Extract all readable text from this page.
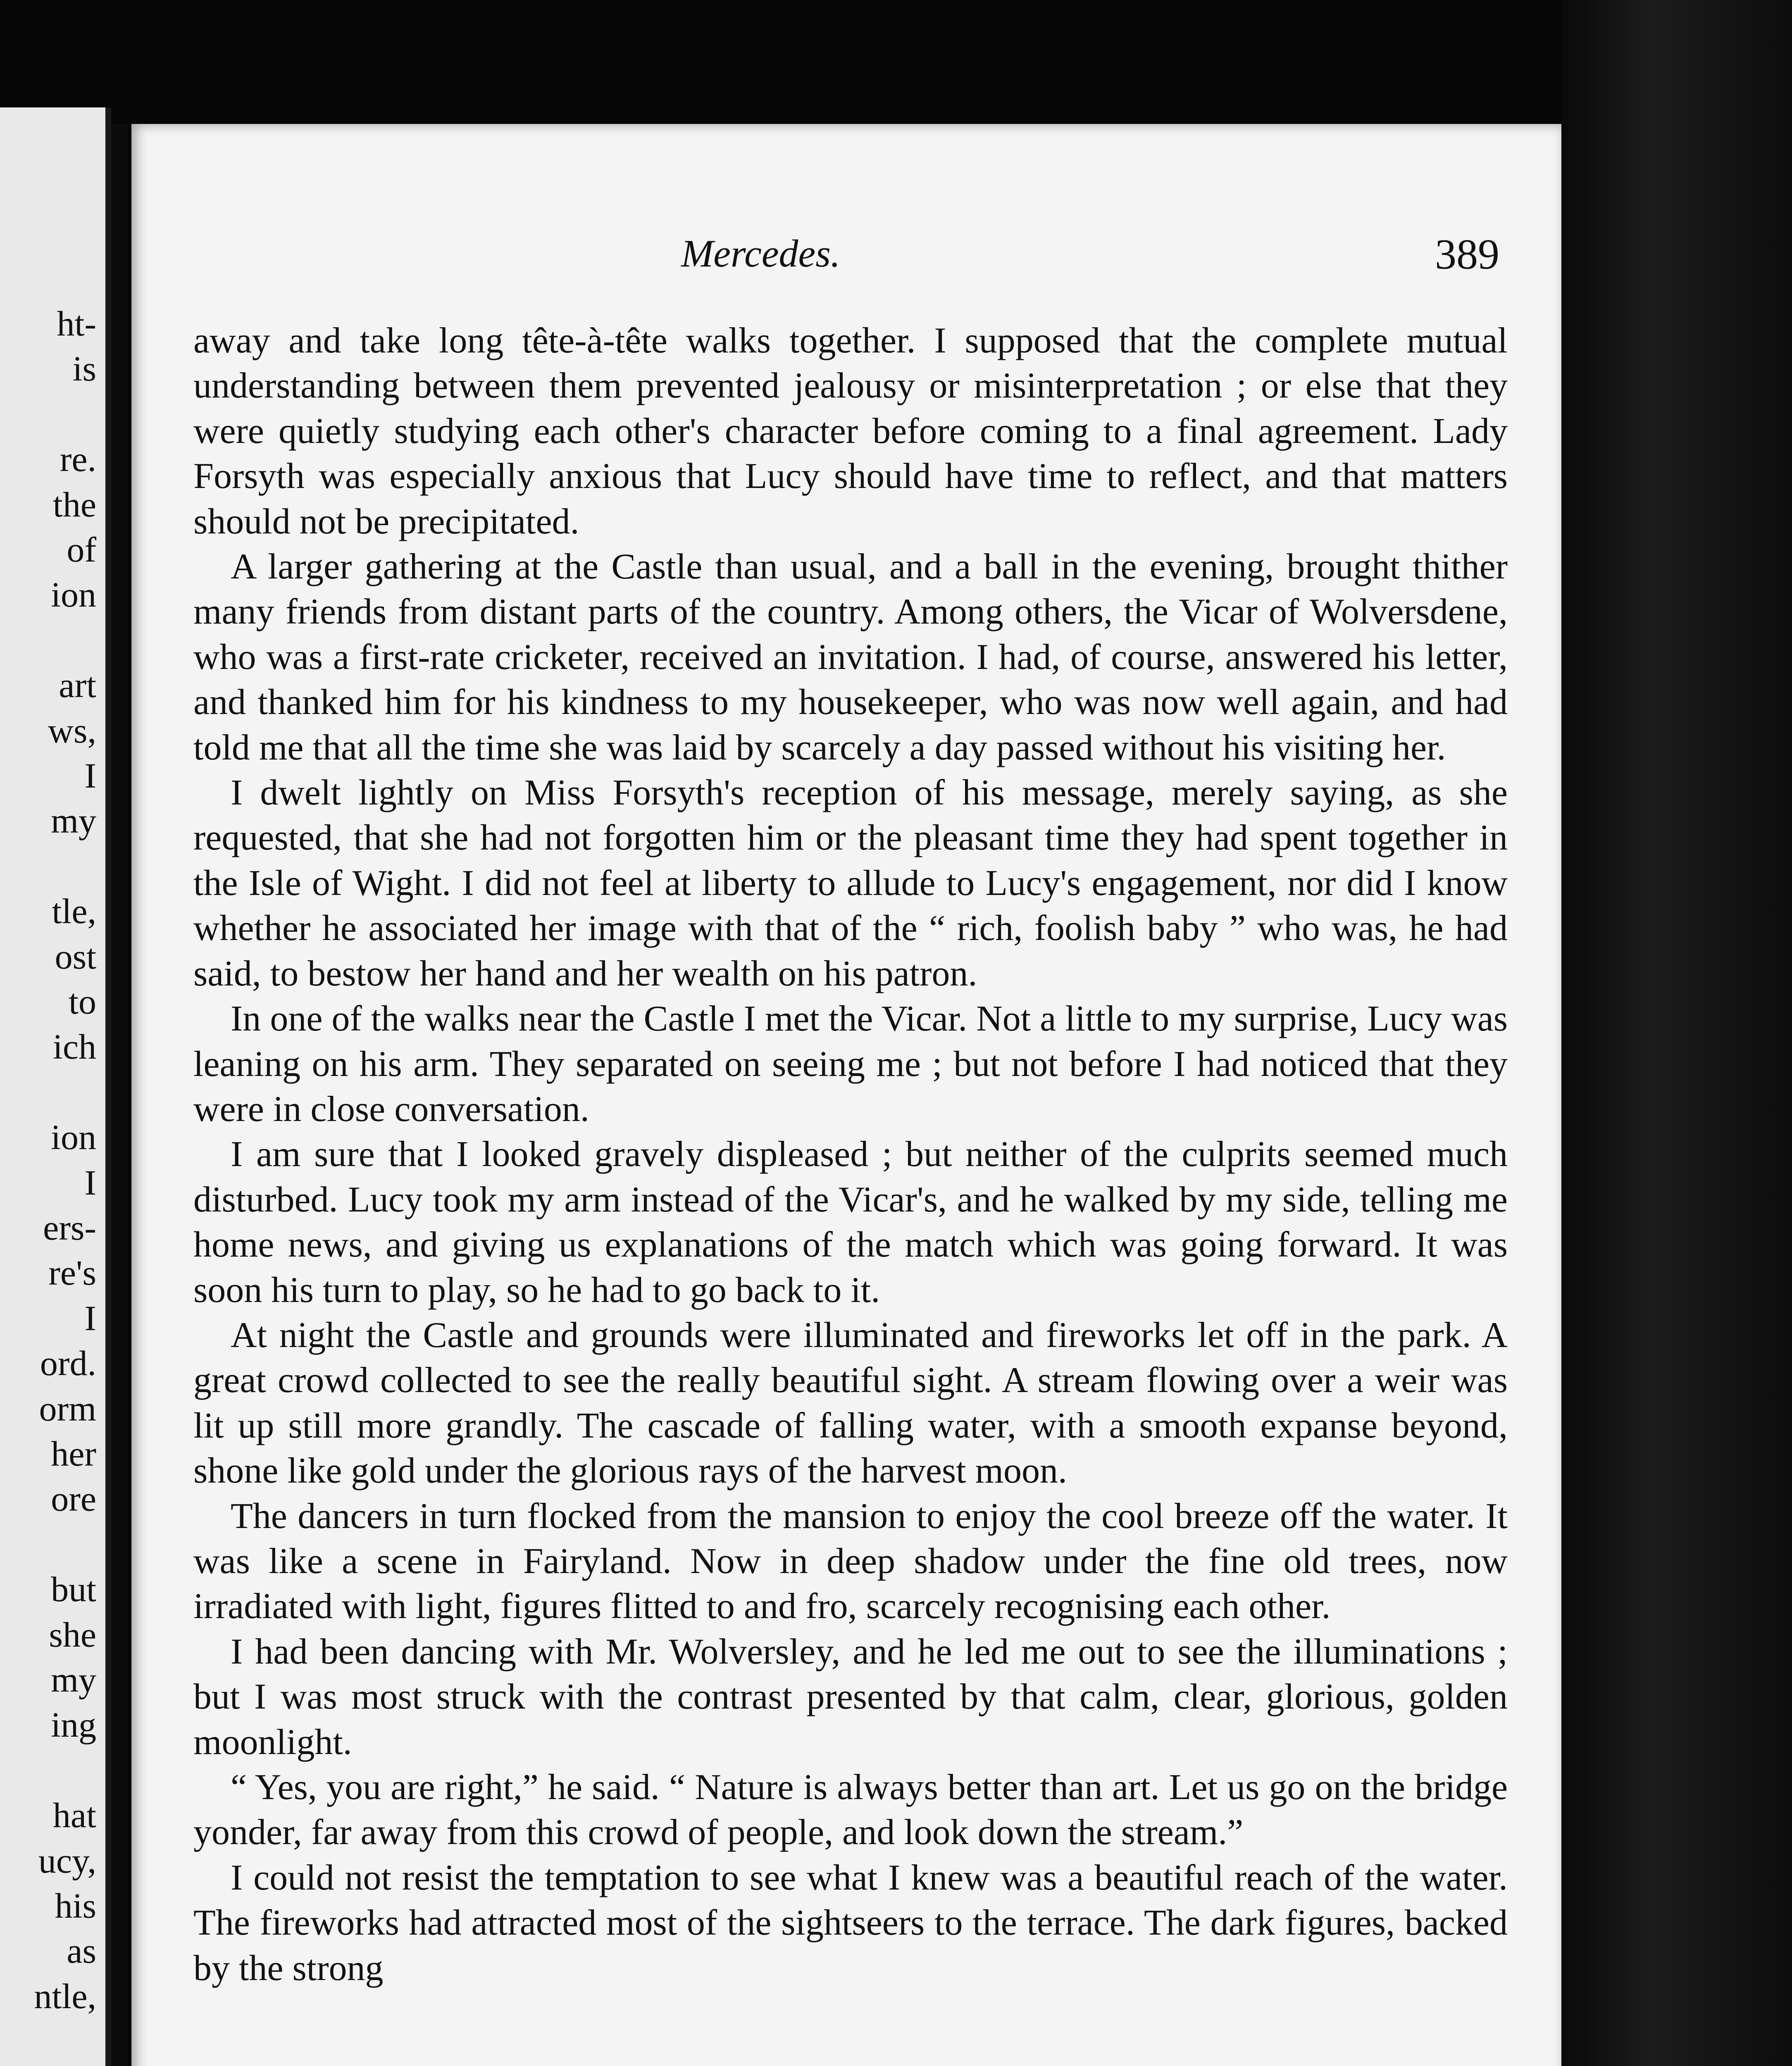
ht-
is
re.
the
of
ion
art
ws,
I
my
tle,
ost
to
ich
ion
I
ers-
re's
I
ord.
orm
her
ore
but
she
my
ing
hat
ucy,
his
as
ntle,
Mercedes.	389

away and take long tête-à-tête walks together. I supposed that the complete mutual understanding between them prevented jealousy or misinterpretation ; or else that they were quietly studying each other's character before coming to a final agreement. Lady Forsyth was especially anxious that Lucy should have time to reflect, and that matters should not be precipitated.

A larger gathering at the Castle than usual, and a ball in the evening, brought thither many friends from distant parts of the country. Among others, the Vicar of Wolversdene, who was a first-rate cricketer, received an invitation. I had, of course, answered his letter, and thanked him for his kindness to my housekeeper, who was now well again, and had told me that all the time she was laid by scarcely a day passed without his visiting her.

I dwelt lightly on Miss Forsyth's reception of his message, merely saying, as she requested, that she had not forgotten him or the pleasant time they had spent together in the Isle of Wight. I did not feel at liberty to allude to Lucy's engagement, nor did I know whether he associated her image with that of the “ rich, foolish baby ” who was, he had said, to bestow her hand and her wealth on his patron.

In one of the walks near the Castle I met the Vicar. Not a little to my surprise, Lucy was leaning on his arm. They separated on seeing me ; but not before I had noticed that they were in close conversation.

I am sure that I looked gravely displeased ; but neither of the culprits seemed much disturbed. Lucy took my arm instead of the Vicar's, and he walked by my side, telling me home news, and giving us explanations of the match which was going forward. It was soon his turn to play, so he had to go back to it.

At night the Castle and grounds were illuminated and fireworks let off in the park. A great crowd collected to see the really beautiful sight. A stream flowing over a weir was lit up still more grandly. The cascade of falling water, with a smooth expanse beyond, shone like gold under the glorious rays of the harvest moon.

The dancers in turn flocked from the mansion to enjoy the cool breeze off the water. It was like a scene in Fairyland. Now in deep shadow under the fine old trees, now irradiated with light, figures flitted to and fro, scarcely recognising each other.

I had been dancing with Mr. Wolversley, and he led me out to see the illuminations ; but I was most struck with the contrast presented by that calm, clear, glorious, golden moonlight.

“ Yes, you are right,” he said. “ Nature is always better than art. Let us go on the bridge yonder, far away from this crowd of people, and look down the stream.”

I could not resist the temptation to see what I knew was a beautiful reach of the water. The fireworks had attracted most of the sightseers to the terrace. The dark figures, backed by the strong
